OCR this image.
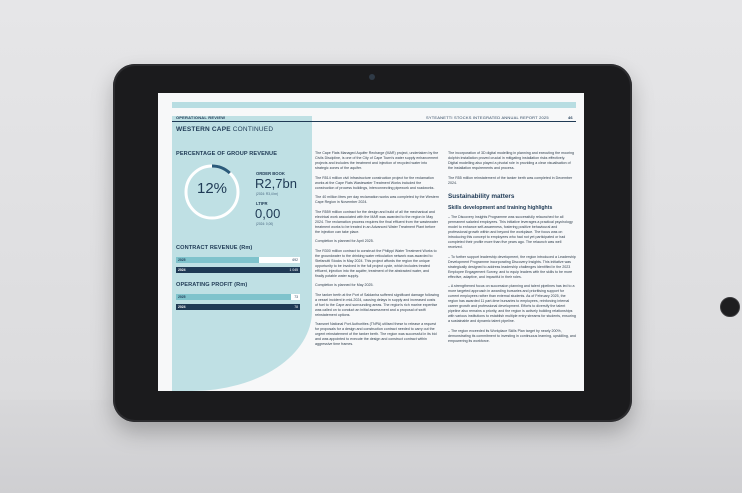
OPERATIONAL REVIEW	SYTEANETTI STOCKS INTEGRATED ANNUAL REPORT 2025	46
WESTERN CAPE CONTINUED
PERCENTAGE OF GROUP REVENUE
12%
ORDER BOOK
R2,7bn
(2024: R3,4 bn)
LTIFR
0,00
(2024: 0,00)
CONTRACT REVENUE (Rm)
2025	692
2024	1 045
OPERATING PROFIT (Rm)
2025	73
2024	78

The Cape Flats Managed Aquifer Recharge (MAR) project, undertaken by the Civils Discipline, is one of the City of Cape Town's water supply enhancement projects and includes the treatment and injection of recycled water into strategic zones of the aquifer.

The R514 million civil infrastructure construction project for the reclamation works at the Cape Flats Wastewater Treatment Works included the construction of process buildings, interconnecting pipework and roadworks.

The 40 million litres per day reclamation works was completed by the Western Cape Region in November 2024.

The R559 million contract for the design and build of all the mechanical and electrical work associated with the MAR was awarded to the region in May 2024. The reclamation process requires the final effluent from the wastewater treatment works to be treated in an Advanced Water Treatment Plant before the injection can take place.

Completion is planned for April 2025.

The R300 million contract to construct the Philippi Water Treatment Works to the groundwater to the drinking water reticulation network was awarded to Stefanutti Stocks in May 2024. This project affords the region the unique opportunity to be involved in the full project cycle, which includes treated effluent, injection into the aquifer, treatment of the abstracted water, and finally potable water supply.

Completion is planned for May 2025.

The tanker berth at the Port of Saldanha suffered significant damage following a vessel incident in mid-2024, causing delays in supply and increased costs of fuel to the Cape and surrounding areas. The region's rich marine expertise was called on to conduct an initial assessment and a proposal of swift reinstatement options.

Transnet National Port Authorities (TNPA) utilised these to release a request for proposals for a design and construction contract needed to carry out the urgent reinstatement of the tanker berth. The region was successful in its bid and was appointed to execute the design and construct contract within aggressive time frames.

The incorporation of 3D digital modelling in planning and executing the mooring dolphin installation proved crucial in mitigating installation risks effectively. Digital modelling also played a pivotal role in providing a clear visualisation of the installation requirements and process.

The R55 million reinstatement of the tanker berth was completed in December 2024.

Sustainability matters
Skills development and training highlights

– The Discovery Insights Programme was successfully relaunched for all permanent salaried employees. This initiative leverages a practical psychology model to enhance self-awareness, fostering positive behavioural and professional growth within and beyond the workplace. The focus was on introducing this concept to employees who had not yet participated or had completed their profile more than five years ago. The relaunch was well received.

– To further support leadership development, the region introduced a Leadership Development Programme incorporating Discovery Insights. This initiative was strategically designed to address leadership challenges identified in the 2023 Employee Engagement Survey, and to equip leaders with the skills to be more effective, adaptive, and impactful in their roles.

– A strengthened focus on succession planning and talent pipelines has led to a more targeted approach in awarding bursaries and prioritising support for current employees rather than external students. As of February 2025, the region has awarded 11 part-time bursaries to employees, reinforcing internal career growth and professional development. Efforts to diversify the talent pipeline also remains a priority, and the region is actively building relationships with various institutions to establish multiple entry streams for students, ensuring a sustainable and dynamic talent pipeline.

– The region exceeded its Workplace Skills Plan target by nearly 200%, demonstrating its commitment to investing in continuous learning, upskilling, and empowering its workforce.
